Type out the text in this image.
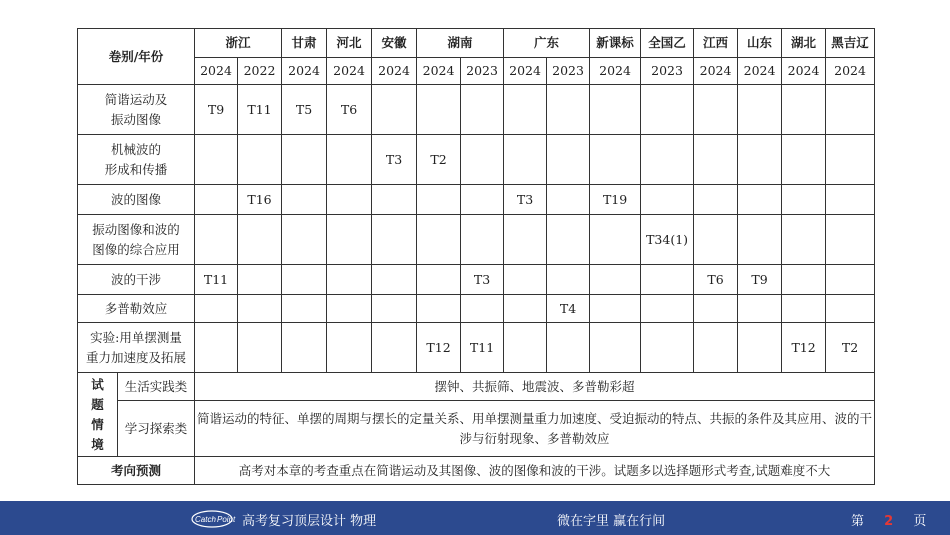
卷别/年份		浙江		甘肃	河北	安徽	湖南		广东		新课标	全国乙	江西	山东	湖北	黑吉辽
		2024	2022	2024	2024	2024	2024	2023	2024	2023	2024	2023	2024	2024	2024	2024

简谐运动及
振动图像		T9	T11	T5	T6											

机械波的
形成和传播						T3	T2									

波的图像			T16						T3		T19					

振动图像和波的
图像的综合应用												T34(1)				

波的干涉		T11						T3					T6	T9		

多普勒效应										T4						

实验:用单摆测量
重力加速度及拓展							T12	T11							T12	T2

试
题
情
境	生活实践类	摆钟、共振筛、地震波、多普勒彩超														
	学习探索类	简谐运动的特征、单摆的周期与摆长的定量关系、用单摆测量重力加速度、受迫振动的特点、共振的条件及其应用、波的干涉与衍射现象、多普勒效应														
考向预测		高考对本章的考查重点在简谐运动及其图像、波的图像和波的干涉。试题多以选择题形式考查,试题难度不大														
Catch Point 高考复习顶层设计 物理	微在字里 赢在行间	第 2 页
